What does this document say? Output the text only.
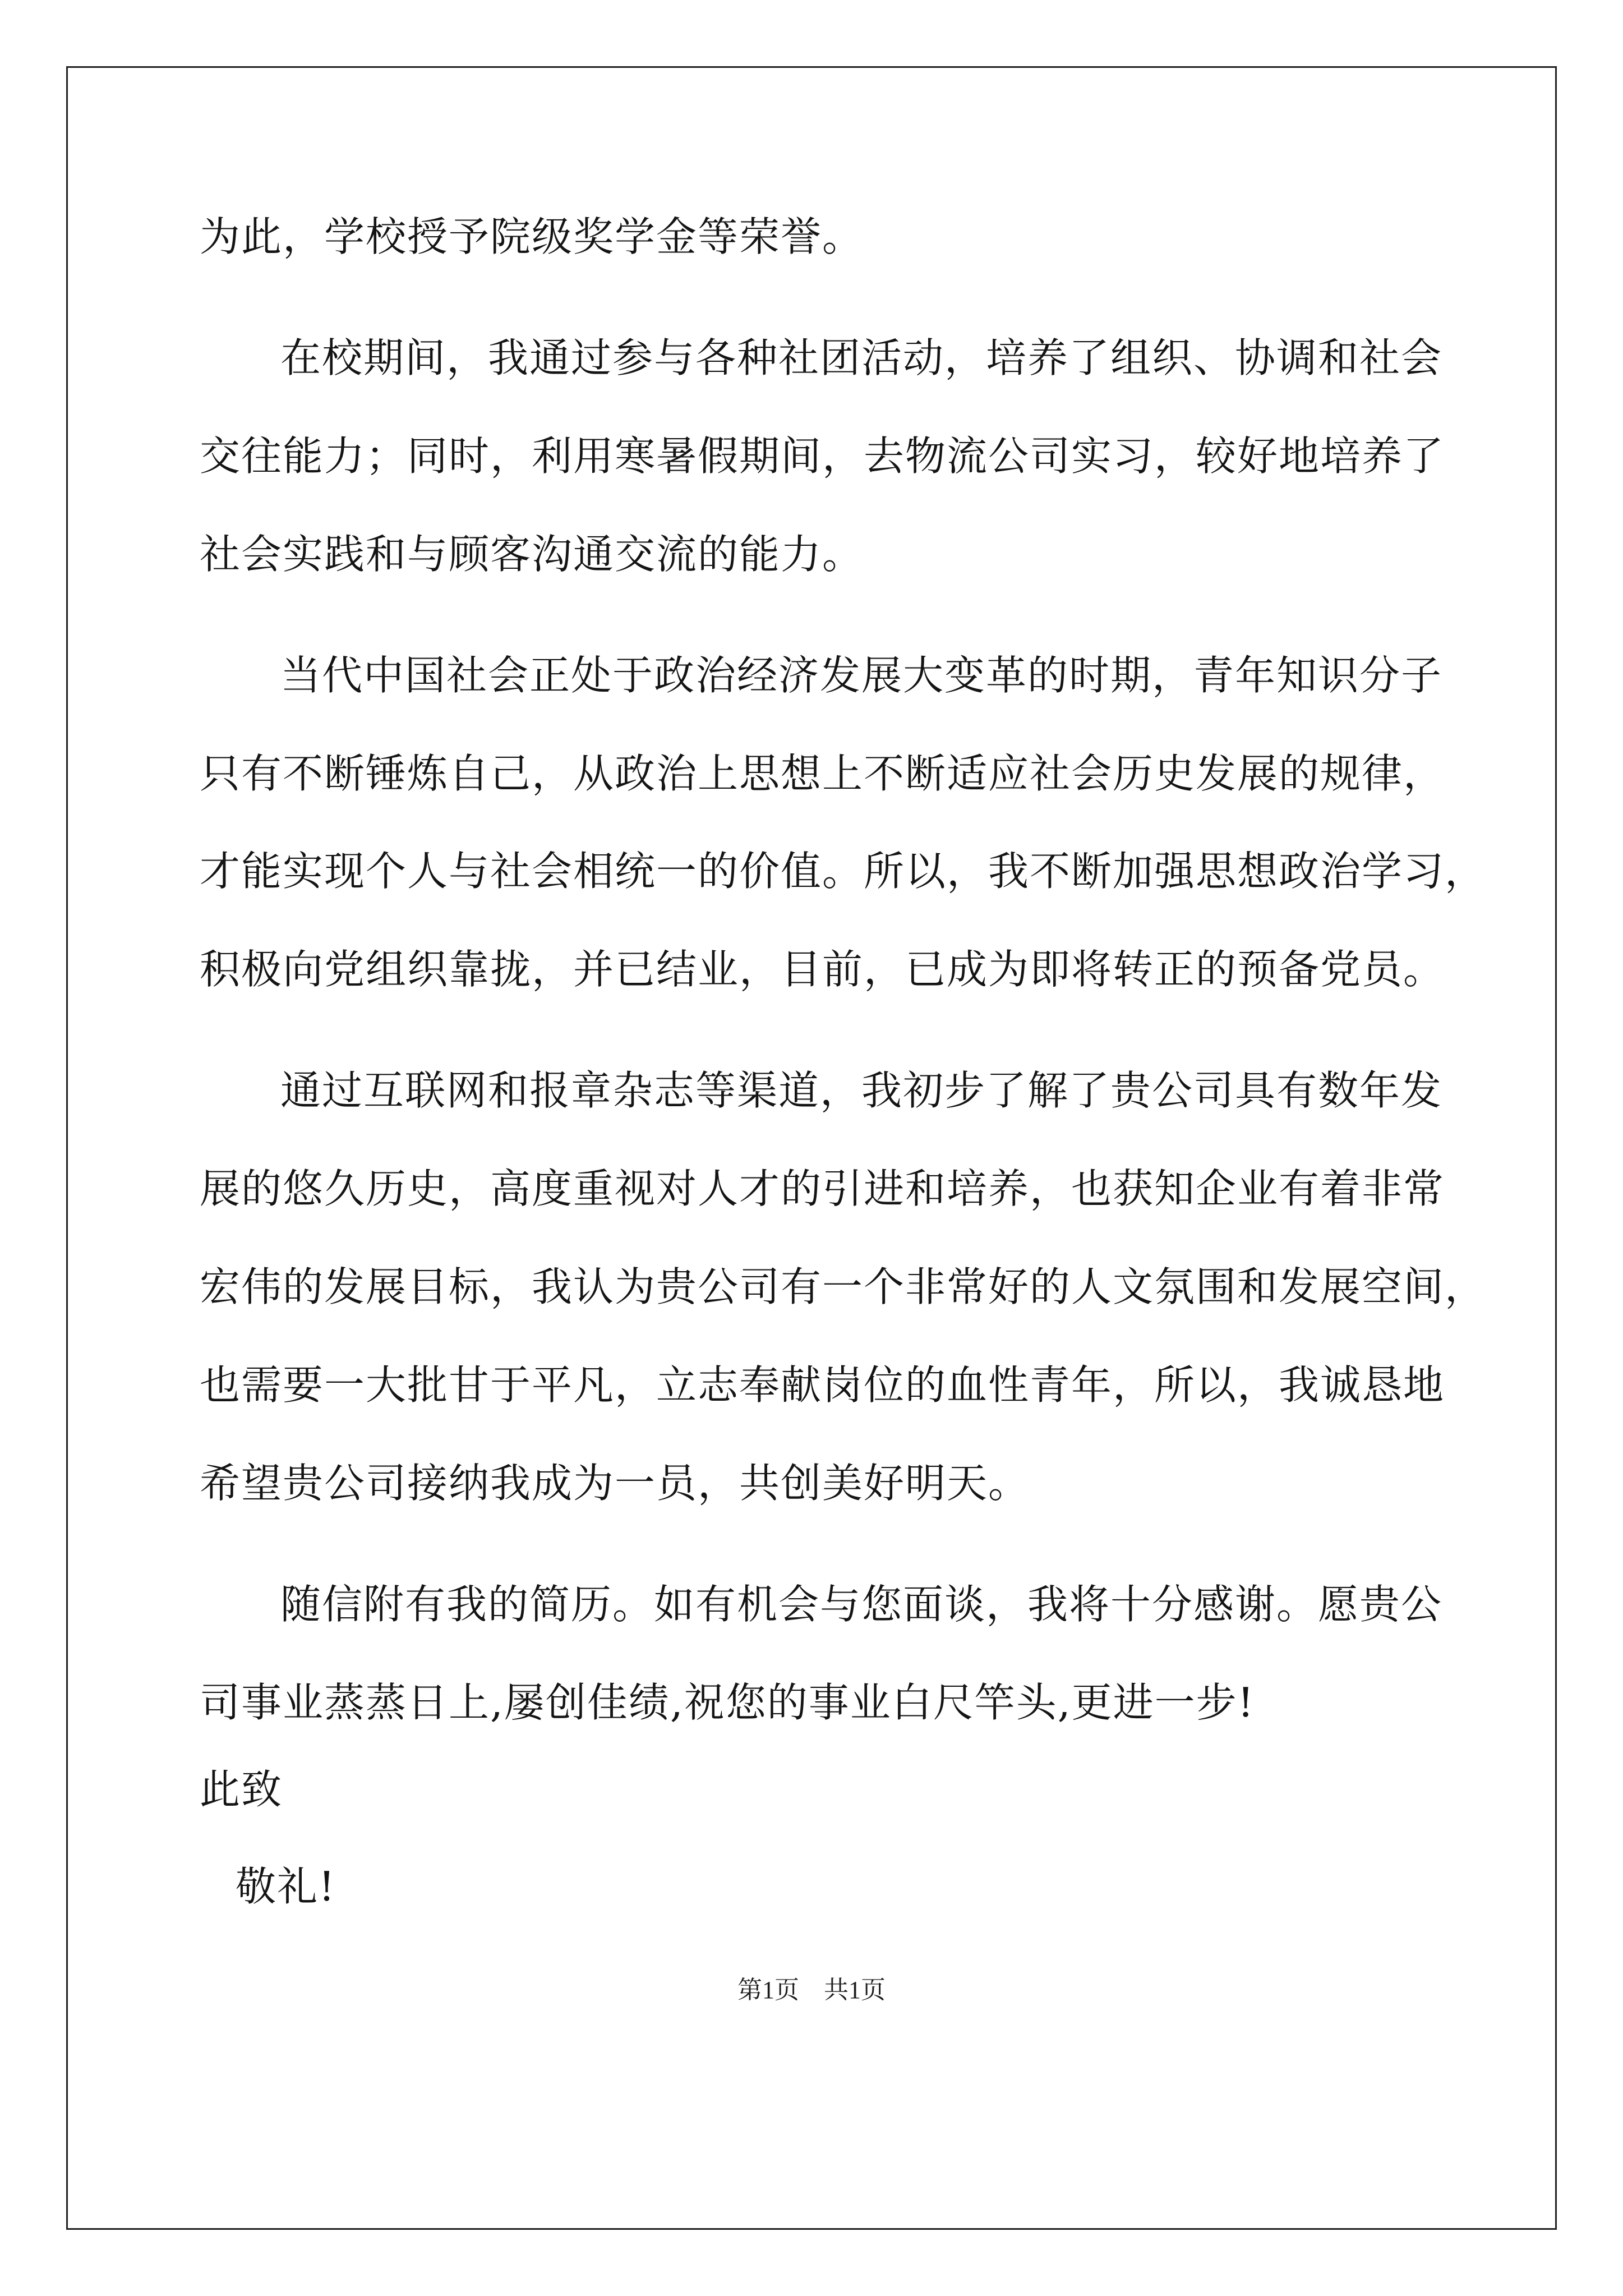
为此，学校授予院级奖学金等荣誉。

在校期间，我通过参与各种社团活动，培养了组织、协调和社会

交往能力；同时，利用寒暑假期间，去物流公司实习，较好地培养了

社会实践和与顾客沟通交流的能力。

当代中国社会正处于政治经济发展大变革的时期，青年知识分子

只有不断锤炼自己，从政治上思想上不断适应社会历史发展的规律，

才能实现个人与社会相统一的价值。所以，我不断加强思想政治学习，

积极向党组织靠拢，并已结业，目前，已成为即将转正的预备党员。

通过互联网和报章杂志等渠道，我初步了解了贵公司具有数年发

展的悠久历史，高度重视对人才的引进和培养，也获知企业有着非常

宏伟的发展目标，我认为贵公司有一个非常好的人文氛围和发展空间，

也需要一大批甘于平凡，立志奉献岗位的血性青年，所以，我诚恳地

希望贵公司接纳我成为一员，共创美好明天。

随信附有我的简历。如有机会与您面谈，我将十分感谢。愿贵公

司事业蒸蒸日上,屡创佳绩,祝您的事业白尺竿头,更进一步!

此致

敬礼!

第1页　共1页
